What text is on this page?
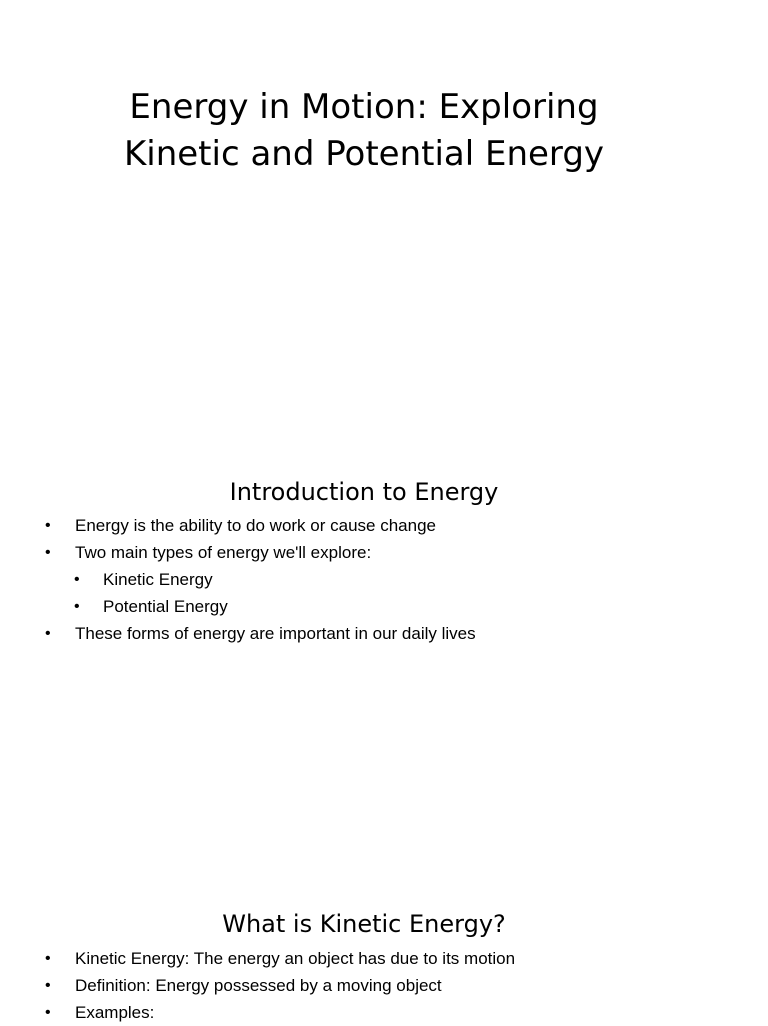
Energy in Motion: Exploring
Kinetic and Potential Energy
Introduction to Energy
• Energy is the ability to do work or cause change
• Two main types of energy we'll explore:
• Kinetic Energy
• Potential Energy
• These forms of energy are important in our daily lives
What is Kinetic Energy?
• Kinetic Energy: The energy an object has due to its motion
• Definition: Energy possessed by a moving object
• Examples:
